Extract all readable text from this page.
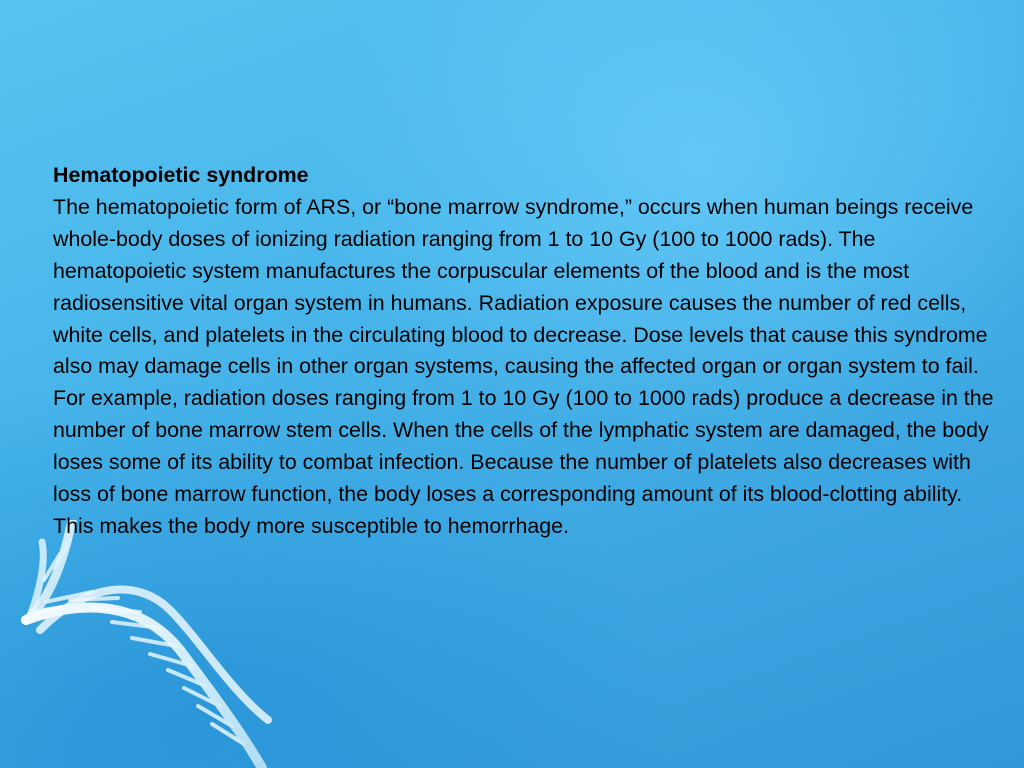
Hematopoietic syndrome

The hematopoietic form of ARS, or “bone marrow syndrome,” occurs when human beings receive whole-body doses of ionizing radiation ranging from 1 to 10 Gy (100 to 1000 rads). The hematopoietic system manufactures the corpuscular elements of the blood and is the most radiosensitive vital organ system in humans. Radiation exposure causes the number of red cells, white cells, and platelets in the circulating blood to decrease. Dose levels that cause this syndrome also may damage cells in other organ systems, causing the affected organ or organ system to fail. For example, radiation doses ranging from 1 to 10 Gy (100 to 1000 rads) produce a decrease in the number of bone marrow stem cells. When the cells of the lymphatic system are damaged, the body loses some of its ability to combat infection. Because the number of platelets also decreases with loss of bone marrow function, the body loses a corresponding amount of its blood-clotting ability. This makes the body more susceptible to hemorrhage.
